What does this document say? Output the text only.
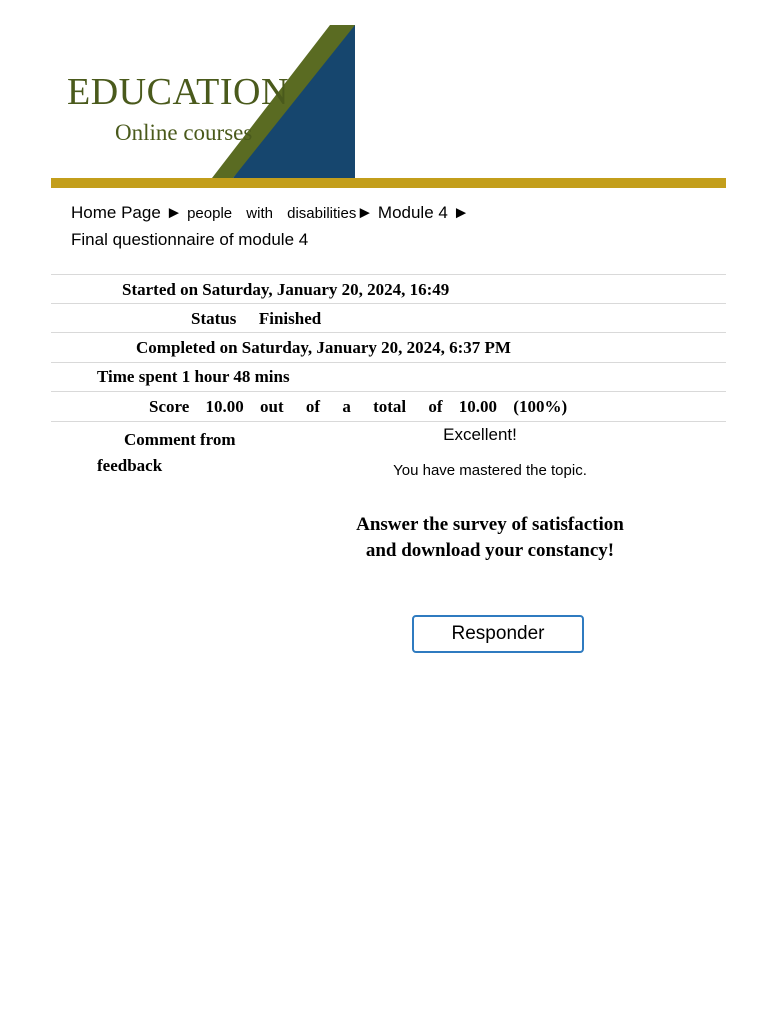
EDUCATION
Online courses
Home Page ► people with disabilities► Module 4 ►
Final questionnaire of module 4
Started on Saturday, January 20, 2024, 16:49
Status Finished
Completed on Saturday, January 20, 2024, 6:37 PM
Time spent 1 hour 48 mins
Score 10.00 out of a total of 10.00 (100%)
Comment from feedback
Excellent!
You have mastered the topic.
Answer the survey of satisfaction and download your constancy!
Responder
